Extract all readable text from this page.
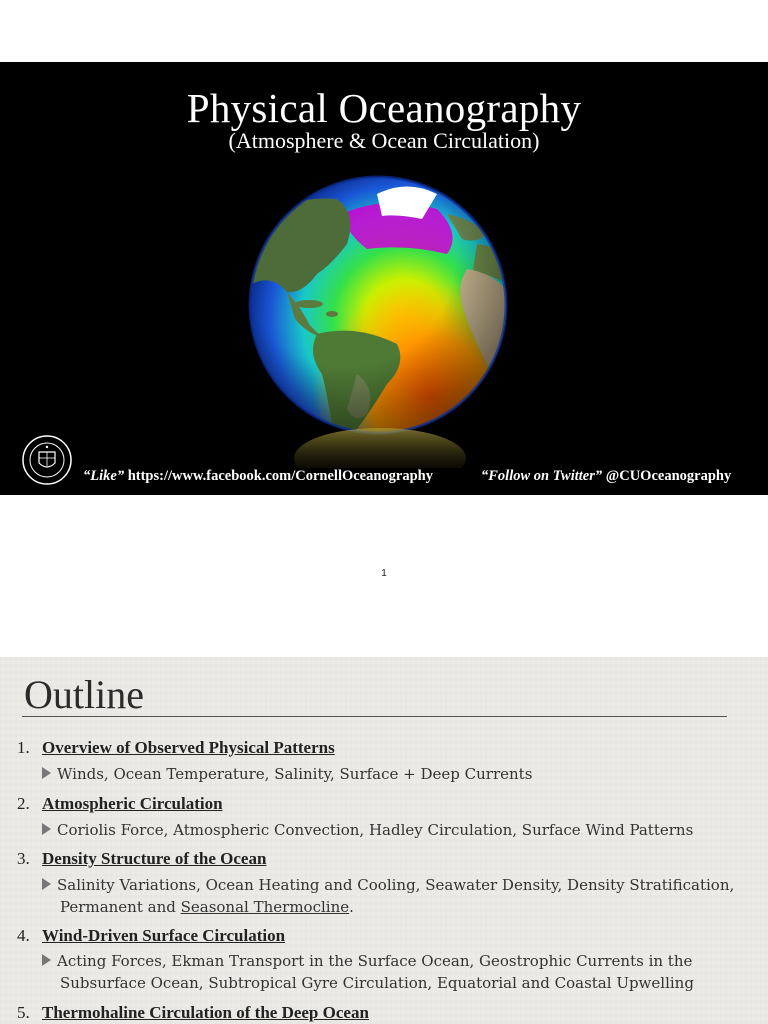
Physical Oceanography
(Atmosphere & Ocean Circulation)
“Like” https://www.facebook.com/CornellOceanography	“Follow on Twitter” @CUOceanography
1
Outline
1. Overview of Observed Physical Patterns
Winds, Ocean Temperature, Salinity, Surface + Deep Currents
2. Atmospheric Circulation
Coriolis Force, Atmospheric Convection, Hadley Circulation, Surface Wind Patterns
3. Density Structure of the Ocean
Salinity Variations, Ocean Heating and Cooling, Seawater Density, Density Stratification,
Permanent and Seasonal Thermocline.
4. Wind-Driven Surface Circulation
Acting Forces, Ekman Transport in the Surface Ocean, Geostrophic Currents in the
Subsurface Ocean, Subtropical Gyre Circulation, Equatorial and Coastal Upwelling
5. Thermohaline Circulation of the Deep Ocean
